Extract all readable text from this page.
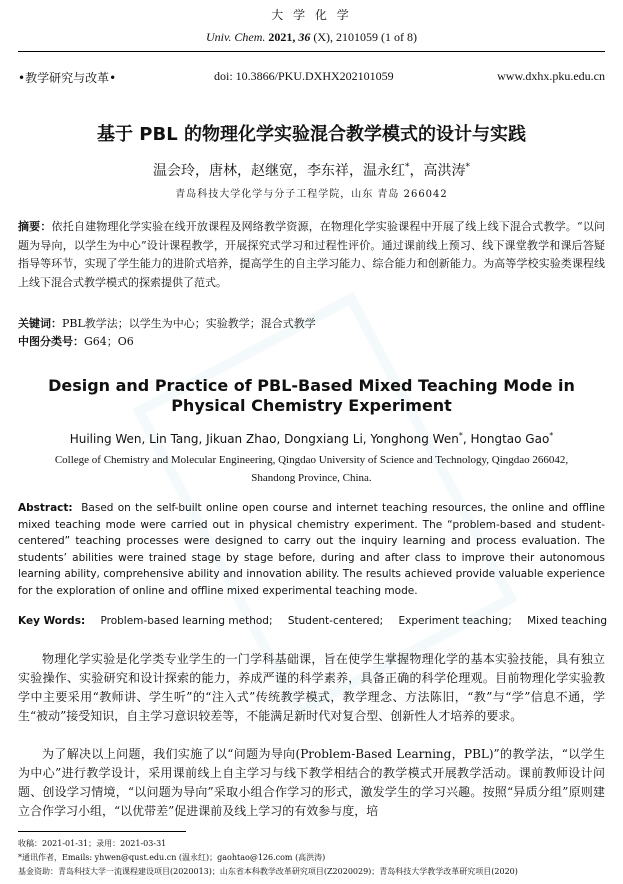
大 学 化 学
Univ. Chem. 2021, 36 (X), 2101059 (1 of 8)
•教学研究与改革•	doi: 10.3866/PKU.DXHX202101059	www.dxhx.pku.edu.cn
基于 PBL 的物理化学实验混合教学模式的设计与实践
温会玲，唐林，赵继宽，李东祥，温永红*，高洪涛*
青岛科技大学化学与分子工程学院，山东 青岛 266042
摘要：依托自建物理化学实验在线开放课程及网络教学资源，在物理化学实验课程中开展了线上线下混合式教学。“以问题为导向，以学生为中心”设计课程教学，开展探究式学习和过程性评价。通过课前线上预习、线下课堂教学和课后答疑指导等环节，实现了学生能力的进阶式培养，提高学生的自主学习能力、综合能力和创新能力。为高等学校实验类课程线上线下混合式教学模式的探索提供了范式。
关键词：PBL教学法；以学生为中心；实验教学；混合式教学
中图分类号：G64；O6
Design and Practice of PBL-Based Mixed Teaching Mode in Physical Chemistry Experiment
Huiling Wen, Lin Tang, Jikuan Zhao, Dongxiang Li, Yonghong Wen*, Hongtao Gao*
College of Chemistry and Molecular Engineering, Qingdao University of Science and Technology, Qingdao 266042, Shandong Province, China.
Abstract: Based on the self-built online open course and internet teaching resources, the online and offline mixed teaching mode were carried out in physical chemistry experiment. The “problem-based and student-centered” teaching processes were designed to carry out the inquiry learning and process evaluation. The students’ abilities were trained stage by stage before, during and after class to improve their autonomous learning ability, comprehensive ability and innovation ability. The results achieved provide valuable experience for the exploration of online and offline mixed experimental teaching mode.
Key Words: Problem-based learning method; Student-centered; Experiment teaching; Mixed teaching
物理化学实验是化学类专业学生的一门学科基础课，旨在使学生掌握物理化学的基本实验技能，具有独立实验操作、实验研究和设计探索的能力，养成严谨的科学素养，具备正确的科学伦理观。目前物理化学实验教学中主要采用“教师讲、学生听”的“注入式”传统教学模式，教学理念、方法陈旧，“教”与“学”信息不通，学生“被动”接受知识，自主学习意识较差等，不能满足新时代对复合型、创新性人才培养的要求。
为了解决以上问题，我们实施了以“问题为导向(Problem-Based Learning，PBL)”的教学法，“以学生为中心”进行教学设计，采用课前线上自主学习与线下教学相结合的教学模式开展教学活动。课前教师设计问题、创设学习情境，“以问题为导向”采取小组合作学习的形式，激发学生的学习兴趣。按照“异质分组”原则建立合作学习小组，“以优带差”促进课前及线上学习的有效参与度，培
收稿：2021-01-31；录用：2021-03-31
*通讯作者，Emails: yhwen@qust.edu.cn (温永红)；gaohtao@126.com (高洪涛)
基金资助：青岛科技大学一流课程建设项目(2020013)；山东省本科教学改革研究项目(Z2020029)；青岛科技大学教学改革研究项目(2020)
